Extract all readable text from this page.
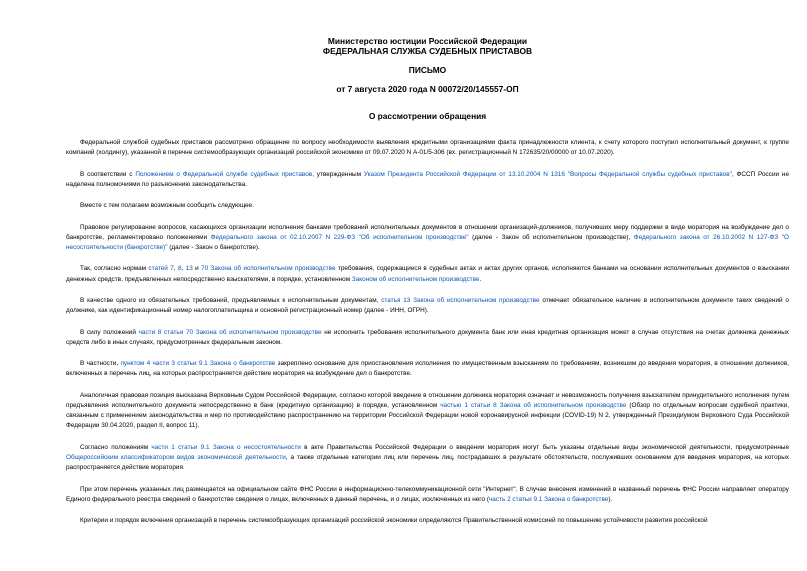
Министерство юстиции Российской Федерации
ФЕДЕРАЛЬНАЯ СЛУЖБА СУДЕБНЫХ ПРИСТАВОВ
ПИСЬМО
от 7 августа 2020 года N 00072/20/145557-ОП
О рассмотрении обращения

Федеральной службой судебных приставов рассмотрено обращение по вопросу необходимости выявления кредитными организациями факта принадлежности клиента, к счету которого поступил исполнительный документ, к группе компаний (холдингу), указанной в перечне системообразующих организаций российской экономики от 09.07.2020 N А-01/5-306 (вх. регистрационный N 172635/20/00000 от 10.07.2020).

В соответствии с Положением о Федеральной службе судебных приставов, утвержденным Указом Президента Российской Федерации от 13.10.2004 N 1316 "Вопросы Федеральной службы судебных приставов", ФССП России не наделена полномочиями по разъяснению законодательства.

Вместе с тем полагаем возможным сообщить следующее.

Правовое регулирование вопросов, касающихся организации исполнения банками требований исполнительных документов в отношении организаций-должников, получивших меру поддержки в виде моратория на возбуждение дел о банкротстве, регламентировано положениями Федерального закона от 02.10.2007 N 229-ФЗ "Об исполнительном производстве" (далее - Закон об исполнительном производстве), Федерального закона от 26.10.2002 N 127-ФЗ "О несостоятельности (банкротстве)" (далее - Закон о банкротстве).

Так, согласно нормам статей 7, 8, 13 и 70 Закона об исполнительном производстве требования, содержащиеся в судебных актах и актах других органов, исполняются банками на основании исполнительных документов о взыскании денежных средств, предъявленных непосредственно взыскателями, в порядке, установленном Законом об исполнительном производстве.

В качестве одного из обязательных требований, предъявляемых к исполнительным документам, статья 13 Закона об исполнительном производстве отмечает обязательное наличие в исполнительном документе таких сведений о должнике, как идентификационный номер налогоплательщика и основной регистрационный номер (далее - ИНН, ОГРН).

В силу положений части 8 статьи 70 Закона об исполнительном производстве не исполнить требования исполнительного документа банк или иная кредитная организация может в случае отсутствия на счетах должника денежных средств либо в иных случаях, предусмотренных федеральным законом.

В частности, пунктом 4 части 3 статьи 9.1 Закона о банкротстве закреплено основание для приостановления исполнения по имущественным взысканиям по требованиям, возникшим до введения моратория, в отношении должников, включенных в перечень лиц, на которых распространяется действие моратория на возбуждение дел о банкротстве.

Аналогичная правовая позиция высказана Верховным Судом Российской Федерации, согласно которой введение в отношении должника моратория означает и невозможность получения взыскателем принудительного исполнения путем предъявления исполнительного документа непосредственно в банк (кредитную организацию) в порядке, установленном частью 1 статьи 8 Закона об исполнительном производстве (Обзор по отдельным вопросам судебной практики, связанным с применением законодательства и мер по противодействию распространению на территории Российской Федерации новой коронавирусной инфекции (COVID-19) N 2, утвержденный Президиумом Верховного Суда Российской Федерации 30.04.2020, раздел II, вопрос 11).

Согласно положениям части 1 статьи 9.1 Закона о несостоятельности в акте Правительства Российской Федерации о введении моратория могут быть указаны отдельные виды экономической деятельности, предусмотренные Общероссийским классификатором видов экономической деятельности, а также отдельные категории лиц или перечень лиц, пострадавших в результате обстоятельств, послуживших основанием для введения моратория, на которых распространяется действие моратория.

При этом перечень указанных лиц размещается на официальном сайте ФНС России в информационно-телекоммуникационной сети "Интернет". В случае внесения изменений в названный перечень ФНС России направляет оператору Единого федерального реестра сведений о банкротстве сведения о лицах, включенных в данный перечень, и о лицах, исключенных из него (часть 2 статьи 9.1 Закона о банкротстве).

Критерии и порядок включения организаций в перечень системообразующих организаций российской экономики определяются Правительственной комиссией по повышению устойчивости развития российской
